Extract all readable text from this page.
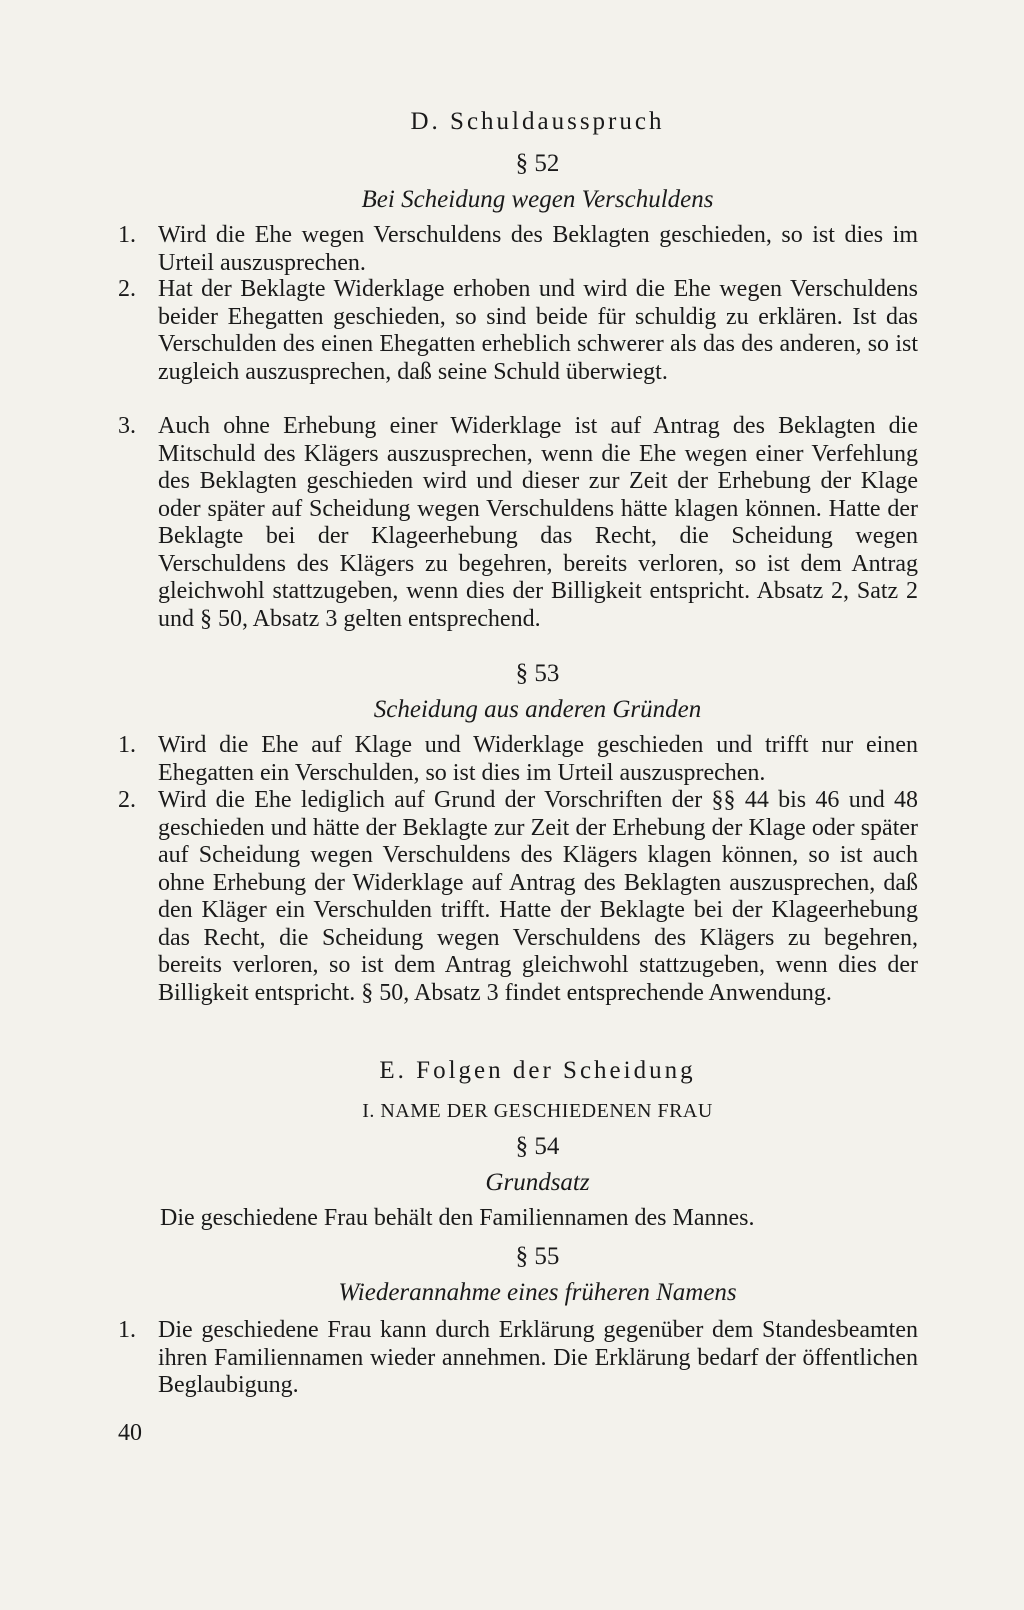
D. Schuldausspruch
§ 52
Bei Scheidung wegen Verschuldens
1. Wird die Ehe wegen Verschuldens des Beklagten geschieden, so ist dies im Urteil auszusprechen.
2. Hat der Beklagte Widerklage erhoben und wird die Ehe wegen Verschuldens beider Ehegatten geschieden, so sind beide für schuldig zu erklären. Ist das Verschulden des einen Ehegatten erheblich schwerer als das des anderen, so ist zugleich auszusprechen, daß seine Schuld überwiegt.
3. Auch ohne Erhebung einer Widerklage ist auf Antrag des Beklagten die Mitschuld des Klägers auszusprechen, wenn die Ehe wegen einer Verfehlung des Beklagten geschieden wird und dieser zur Zeit der Erhebung der Klage oder später auf Scheidung wegen Verschuldens hätte klagen können. Hatte der Beklagte bei der Klageerhebung das Recht, die Scheidung wegen Verschuldens des Klägers zu begehren, bereits verloren, so ist dem Antrag gleichwohl stattzugeben, wenn dies der Billigkeit entspricht. Absatz 2, Satz 2 und § 50, Absatz 3 gelten entsprechend.
§ 53
Scheidung aus anderen Gründen
1. Wird die Ehe auf Klage und Widerklage geschieden und trifft nur einen Ehegatten ein Verschulden, so ist dies im Urteil auszusprechen.
2. Wird die Ehe lediglich auf Grund der Vorschriften der §§ 44 bis 46 und 48 geschieden und hätte der Beklagte zur Zeit der Erhebung der Klage oder später auf Scheidung wegen Verschuldens des Klägers klagen können, so ist auch ohne Erhebung der Widerklage auf Antrag des Beklagten auszusprechen, daß den Kläger ein Verschulden trifft. Hatte der Beklagte bei der Klageerhebung das Recht, die Scheidung wegen Verschuldens des Klägers zu begehren, bereits verloren, so ist dem Antrag gleichwohl stattzugeben, wenn dies der Billigkeit entspricht. § 50, Absatz 3 findet entsprechende Anwendung.
E. Folgen der Scheidung
I. NAME DER GESCHIEDENEN FRAU
§ 54
Grundsatz
Die geschiedene Frau behält den Familiennamen des Mannes.
§ 55
Wiederannahme eines früheren Namens
1. Die geschiedene Frau kann durch Erklärung gegenüber dem Standesbeamten ihren Familiennamen wieder annehmen. Die Erklärung bedarf der öffentlichen Beglaubigung.
40
